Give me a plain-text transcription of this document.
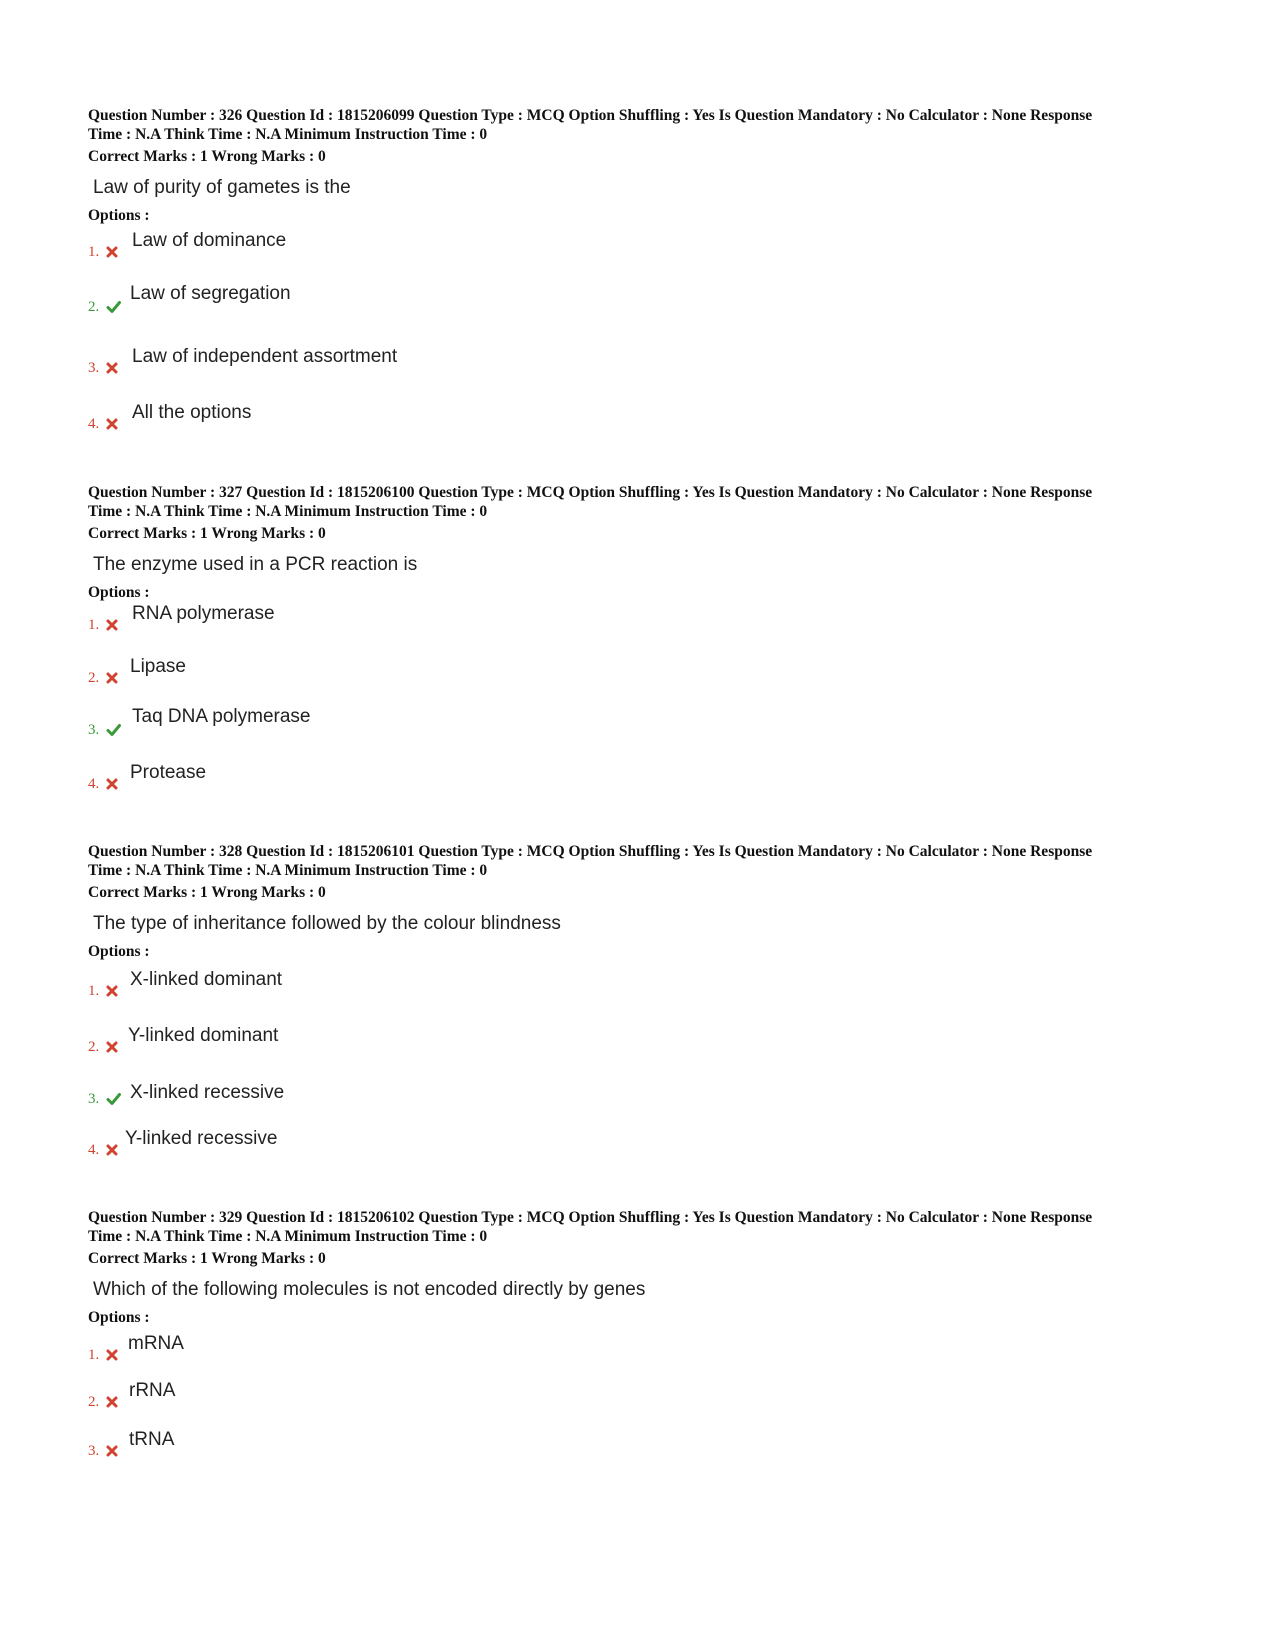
Question Number : 326 Question Id : 1815206099 Question Type : MCQ Option Shuffling : Yes Is Question Mandatory : No Calculator : None Response
Time : N.A Think Time : N.A Minimum Instruction Time : 0
Correct Marks : 1 Wrong Marks : 0
Law of purity of gametes is the
Options :
1.
Law of dominance
2.
Law of segregation
3.
Law of independent assortment
4.
All the options
Question Number : 327 Question Id : 1815206100 Question Type : MCQ Option Shuffling : Yes Is Question Mandatory : No Calculator : None Response
Time : N.A Think Time : N.A Minimum Instruction Time : 0
Correct Marks : 1 Wrong Marks : 0
The enzyme used in a PCR reaction is
Options :
1.
RNA polymerase
2.
Lipase
3.
Taq DNA polymerase
4.
Protease
Question Number : 328 Question Id : 1815206101 Question Type : MCQ Option Shuffling : Yes Is Question Mandatory : No Calculator : None Response
Time : N.A Think Time : N.A Minimum Instruction Time : 0
Correct Marks : 1 Wrong Marks : 0
The type of inheritance followed by the colour blindness
Options :
1.
X-linked dominant
2.
Y-linked dominant
3. X-linked recessive
4.
Y-linked recessive
Question Number : 329 Question Id : 1815206102 Question Type : MCQ Option Shuffling : Yes Is Question Mandatory : No Calculator : None Response
Time : N.A Think Time : N.A Minimum Instruction Time : 0
Correct Marks : 1 Wrong Marks : 0
Which of the following molecules is not encoded directly by genes
Options :
1.
mRNA
2.
rRNA
3.
tRNA
